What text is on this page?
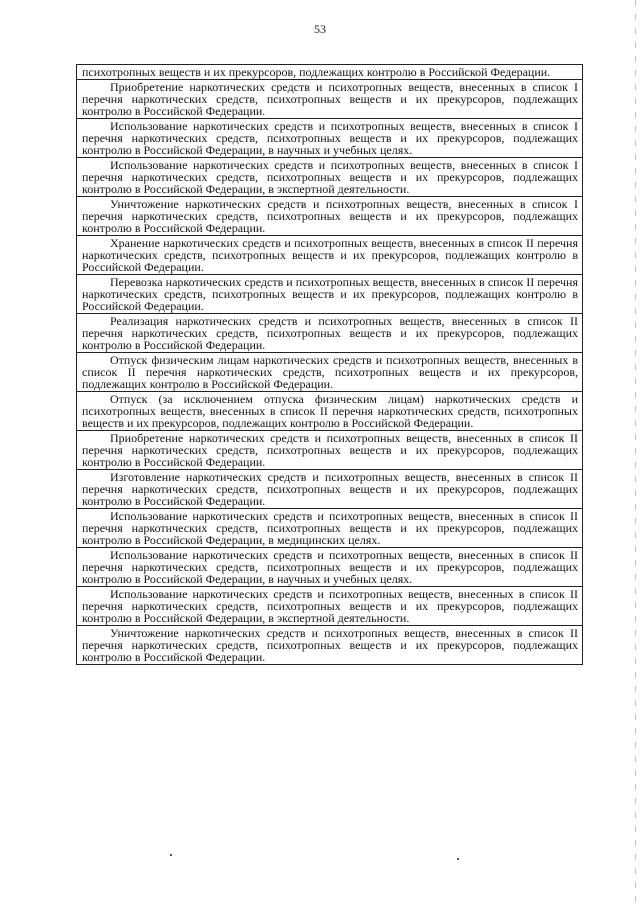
53
психотропных веществ и их прекурсоров, подлежащих контролю в Российской Федерации.
Приобретение наркотических средств и психотропных веществ, внесенных в список I перечня наркотических средств, психотропных веществ и их прекурсоров, подлежащих контролю в Российской Федерации.
Использование наркотических средств и психотропных веществ, внесенных в список I перечня наркотических средств, психотропных веществ и их прекурсоров, подлежащих контролю в Российской Федерации, в научных и учебных целях.
Использование наркотических средств и психотропных веществ, внесенных в список I перечня наркотических средств, психотропных веществ и их прекурсоров, подлежащих контролю в Российской Федерации, в экспертной деятельности.
Уничтожение наркотических средств и психотропных веществ, внесенных в список I перечня наркотических средств, психотропных веществ и их прекурсоров, подлежащих контролю в Российской Федерации.
Хранение наркотических средств и психотропных веществ, внесенных в список II перечня наркотических средств, психотропных веществ и их прекурсоров, подлежащих контролю в Российской Федерации.
Перевозка наркотических средств и психотропных веществ, внесенных в список II перечня наркотических средств, психотропных веществ и их прекурсоров, подлежащих контролю в Российской Федерации.
Реализация наркотических средств и психотропных веществ, внесенных в список II перечня наркотических средств, психотропных веществ и их прекурсоров, подлежащих контролю в Российской Федерации.
Отпуск физическим лицам наркотических средств и психотропных веществ, внесенных в список II перечня наркотических средств, психотропных веществ и их прекурсоров, подлежащих контролю в Российской Федерации.
Отпуск (за исключением отпуска физическим лицам) наркотических средств и психотропных веществ, внесенных в список II перечня наркотических средств, психотропных веществ и их прекурсоров, подлежащих контролю в Российской Федерации.
Приобретение наркотических средств и психотропных веществ, внесенных в список II перечня наркотических средств, психотропных веществ и их прекурсоров, подлежащих контролю в Российской Федерации.
Изготовление наркотических средств и психотропных веществ, внесенных в список II перечня наркотических средств, психотропных веществ и их прекурсоров, подлежащих контролю в Российской Федерации.
Использование наркотических средств и психотропных веществ, внесенных в список II перечня наркотических средств, психотропных веществ и их прекурсоров, подлежащих контролю в Российской Федерации, в медицинских целях.
Использование наркотических средств и психотропных веществ, внесенных в список II перечня наркотических средств, психотропных веществ и их прекурсоров, подлежащих контролю в Российской Федерации, в научных и учебных целях.
Использование наркотических средств и психотропных веществ, внесенных в список II перечня наркотических средств, психотропных веществ и их прекурсоров, подлежащих контролю в Российской Федерации, в экспертной деятельности.
Уничтожение наркотических средств и психотропных веществ, внесенных в список II перечня наркотических средств, психотропных веществ и их прекурсоров, подлежащих контролю в Российской Федерации.
